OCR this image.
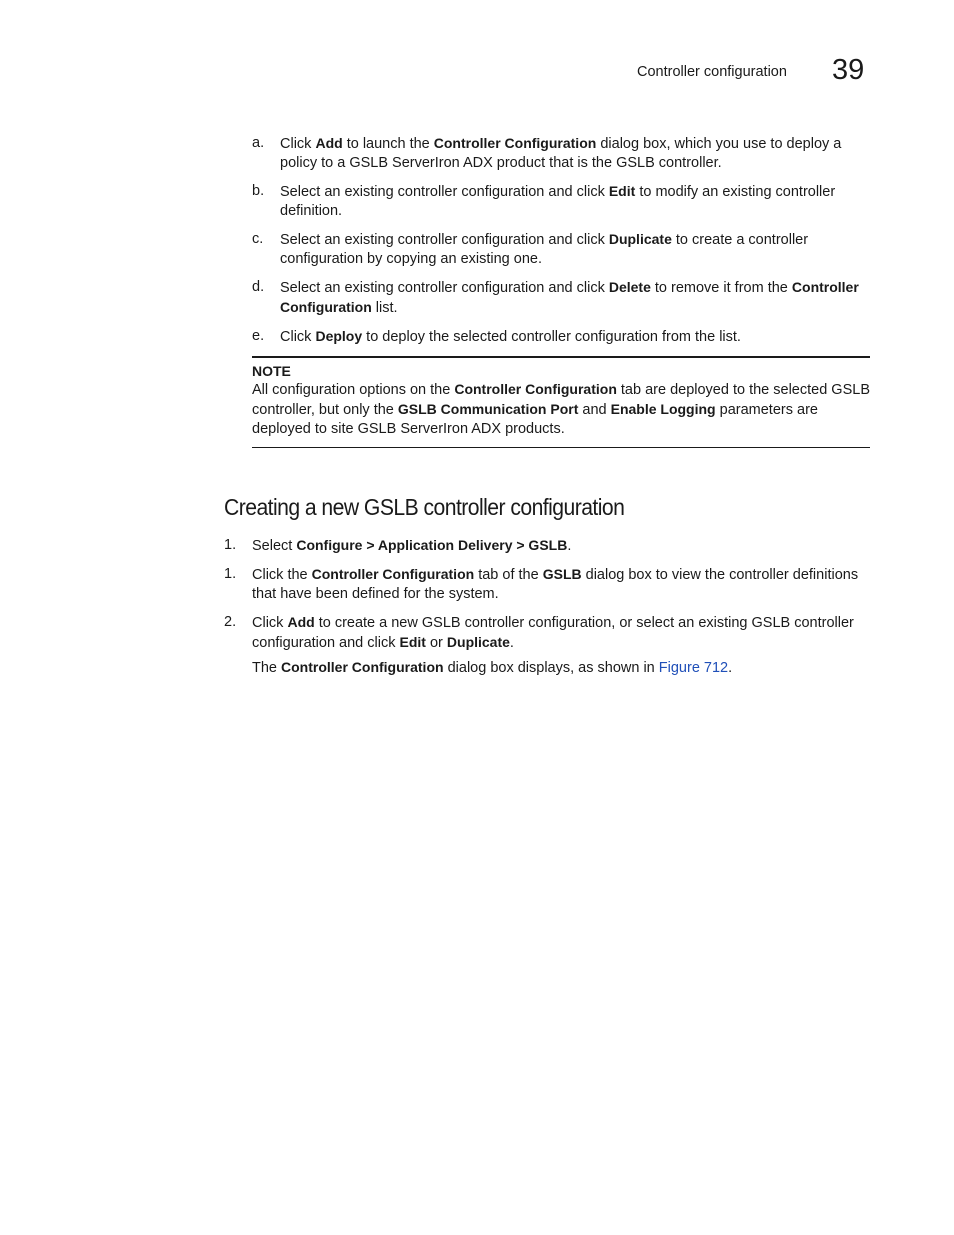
Controller configuration 39
a. Click Add to launch the Controller Configuration dialog box, which you use to deploy a policy to a GSLB ServerIron ADX product that is the GSLB controller.
b. Select an existing controller configuration and click Edit to modify an existing controller definition.
c. Select an existing controller configuration and click Duplicate to create a controller configuration by copying an existing one.
d. Select an existing controller configuration and click Delete to remove it from the Controller Configuration list.
e. Click Deploy to deploy the selected controller configuration from the list.
NOTE
All configuration options on the Controller Configuration tab are deployed to the selected GSLB controller, but only the GSLB Communication Port and Enable Logging parameters are deployed to site GSLB ServerIron ADX products.
Creating a new GSLB controller configuration
1. Select Configure > Application Delivery > GSLB.
1. Click the Controller Configuration tab of the GSLB dialog box to view the controller definitions that have been defined for the system.
2. Click Add to create a new GSLB controller configuration, or select an existing GSLB controller configuration and click Edit or Duplicate.

The Controller Configuration dialog box displays, as shown in Figure 712.
